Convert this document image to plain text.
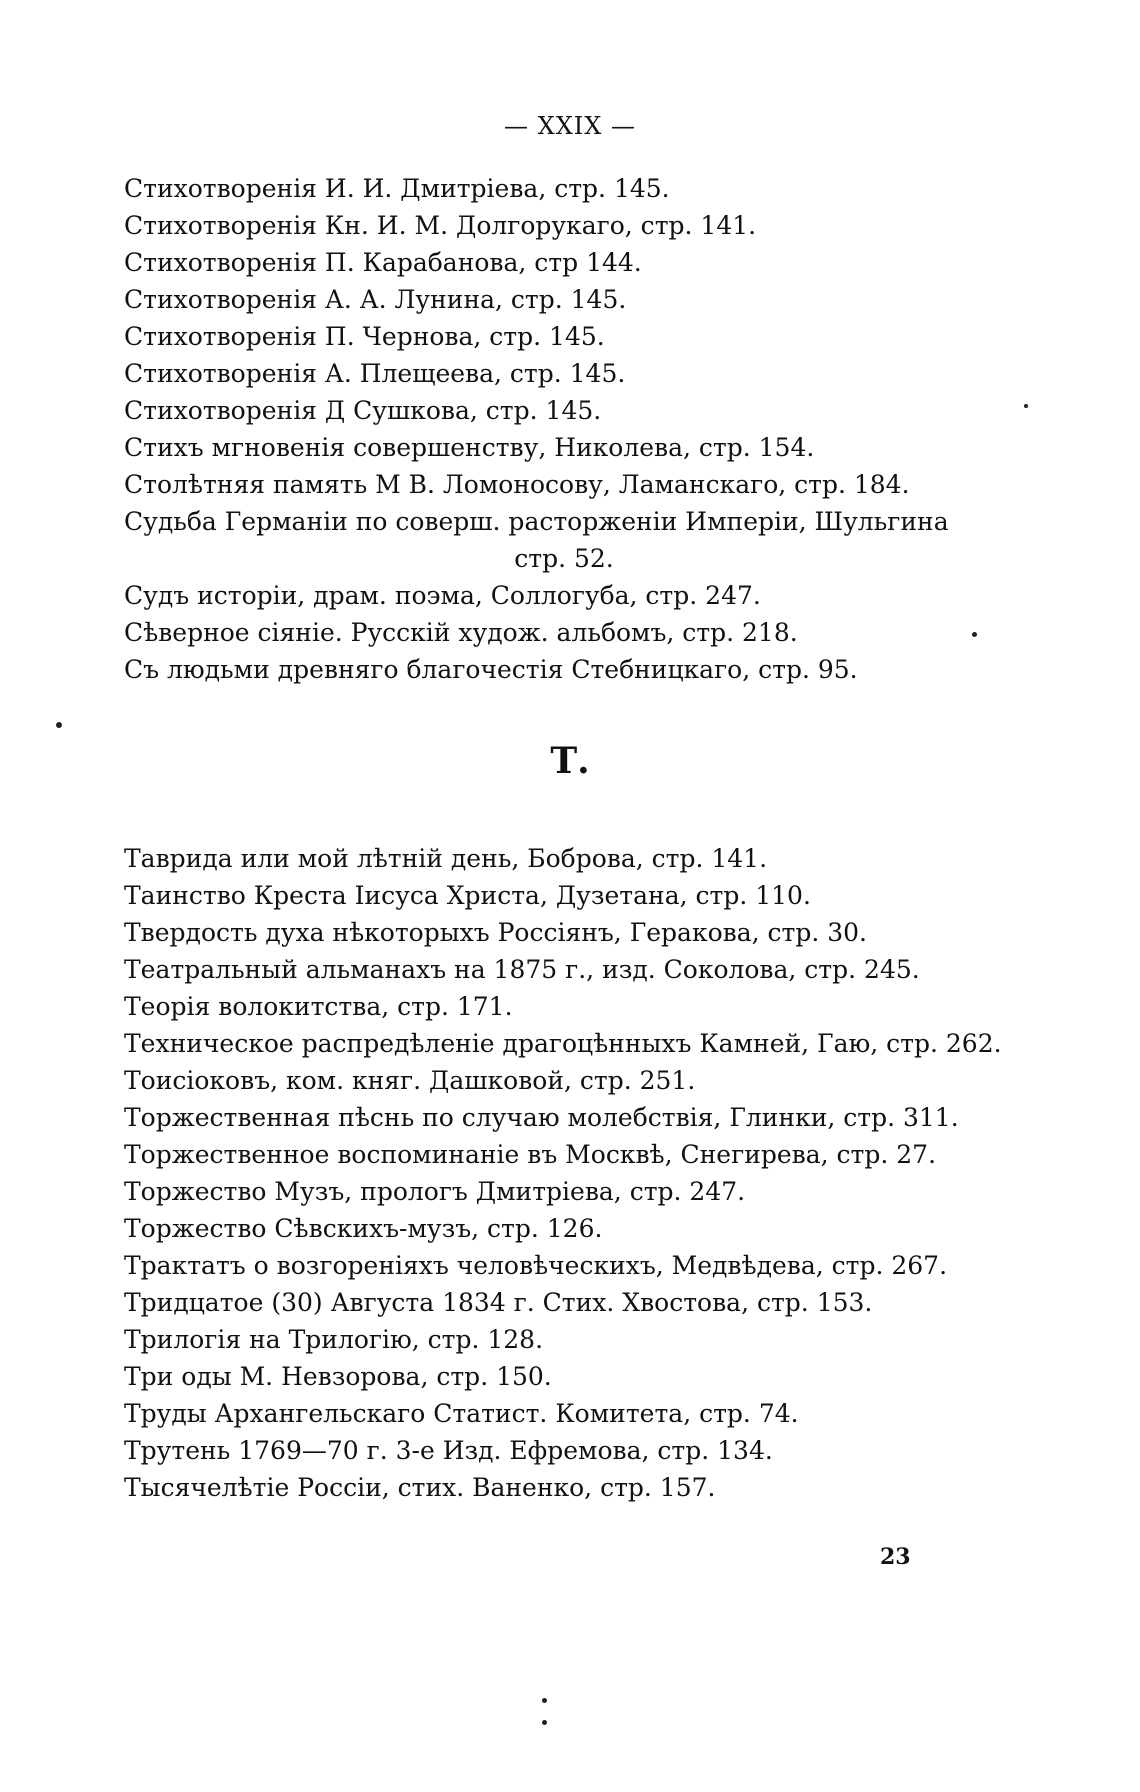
— XXIX —

Стихотворенія И. И. Дмитріева, стр. 145.

Стихотворенія Кн. И. М. Долгорукаго, стр. 141.

Стихотворенія П. Карабанова, стр 144.

Стихотворенія А. А. Лунина, стр. 145.

Стихотворенія П. Чернова, стр. 145.

Стихотворенія А. Плещеева, стр. 145.

Стихотворенія Д Сушкова, стр. 145.

Стихъ мгновенія совершенству, Николева, стр. 154.

Столѣтняя память М В. Ломоносову, Ламанскаго, стр. 184.

Судьба Германіи по соверш. расторженіи Имперіи, Шульгина

стр. 52.

Судъ исторіи, драм. поэма, Соллогуба, стр. 247.

Сѣверное сіяніе. Русскій худож. альбомъ, стр. 218.

Съ людьми древняго благочестія Стебницкаго, стр. 95.

Т.

Таврида или мой лѣтній день, Боброва, стр. 141.

Таинство Креста Іисуса Христа, Дузетана, стр. 110.

Твердость духа нѣкоторыхъ Россіянъ, Геракова, стр. 30.

Театральный альманахъ на 1875 г., изд. Соколова, стр. 245.

Теорія волокитства, стр. 171.

Техническое распредѣленіе драгоцѣнныхъ Камней, Гаю, стр. 262.

Тоисіоковъ, ком. княг. Дашковой, стр. 251.

Торжественная пѣснь по случаю молебствія, Глинки, стр. 311.

Торжественное воспоминаніе въ Москвѣ, Снегирева, стр. 27.

Торжество Музъ, прологъ Дмитріева, стр. 247.

Торжество Сѣвскихъ-музъ, стр. 126.

Трактатъ о возгореніяхъ человѣческихъ, Медвѣдева, стр. 267.

Тридцатое (30) Августа 1834 г. Стих. Хвостова, стр. 153.

Трилогія на Трилогію, стр. 128.

Три оды М. Невзорова, стр. 150.

Труды Архангельскаго Статист. Комитета, стр. 74.

Трутень 1769—70 г. 3-е Изд. Ефремова, стр. 134.

Тысячелѣтіе Россіи, стих. Ваненко, стр. 157.

23
